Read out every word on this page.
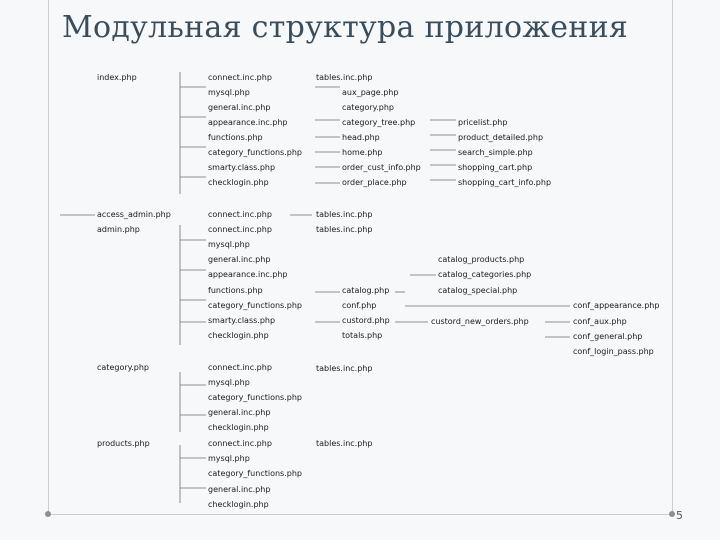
Модульная структура приложения
5
index.php	connect.inc.php	tables.inc.php
mysql.php	aux_page.php
general.inc.php	category.php
appearance.inc.php	category_tree.php	pricelist.php
functions.php	head.php	product_detailed.php
category_functions.php	home.php	search_simple.php
smarty.class.php	order_cust_info.php	shopping_cart.php
checklogin.php	order_place.php	shopping_cart_info.php
access_admin.php	connect.inc.php	tables.inc.php
admin.php	connect.inc.php	tables.inc.php
mysql.php
general.inc.php	catalog_products.php
appearance.inc.php	catalog_categories.php
functions.php	catalog.php	catalog_special.php
category_functions.php	conf.php	conf_appearance.php
smarty.class.php	custord.php	custord_new_orders.php	conf_aux.php
checklogin.php	totals.php	conf_general.php
conf_login_pass.php
category.php	connect.inc.php	tables.inc.php
mysql.php
category_functions.php
general.inc.php
checklogin.php
products.php	connect.inc.php	tables.inc.php
mysql.php
category_functions.php
general.inc.php
checklogin.php
